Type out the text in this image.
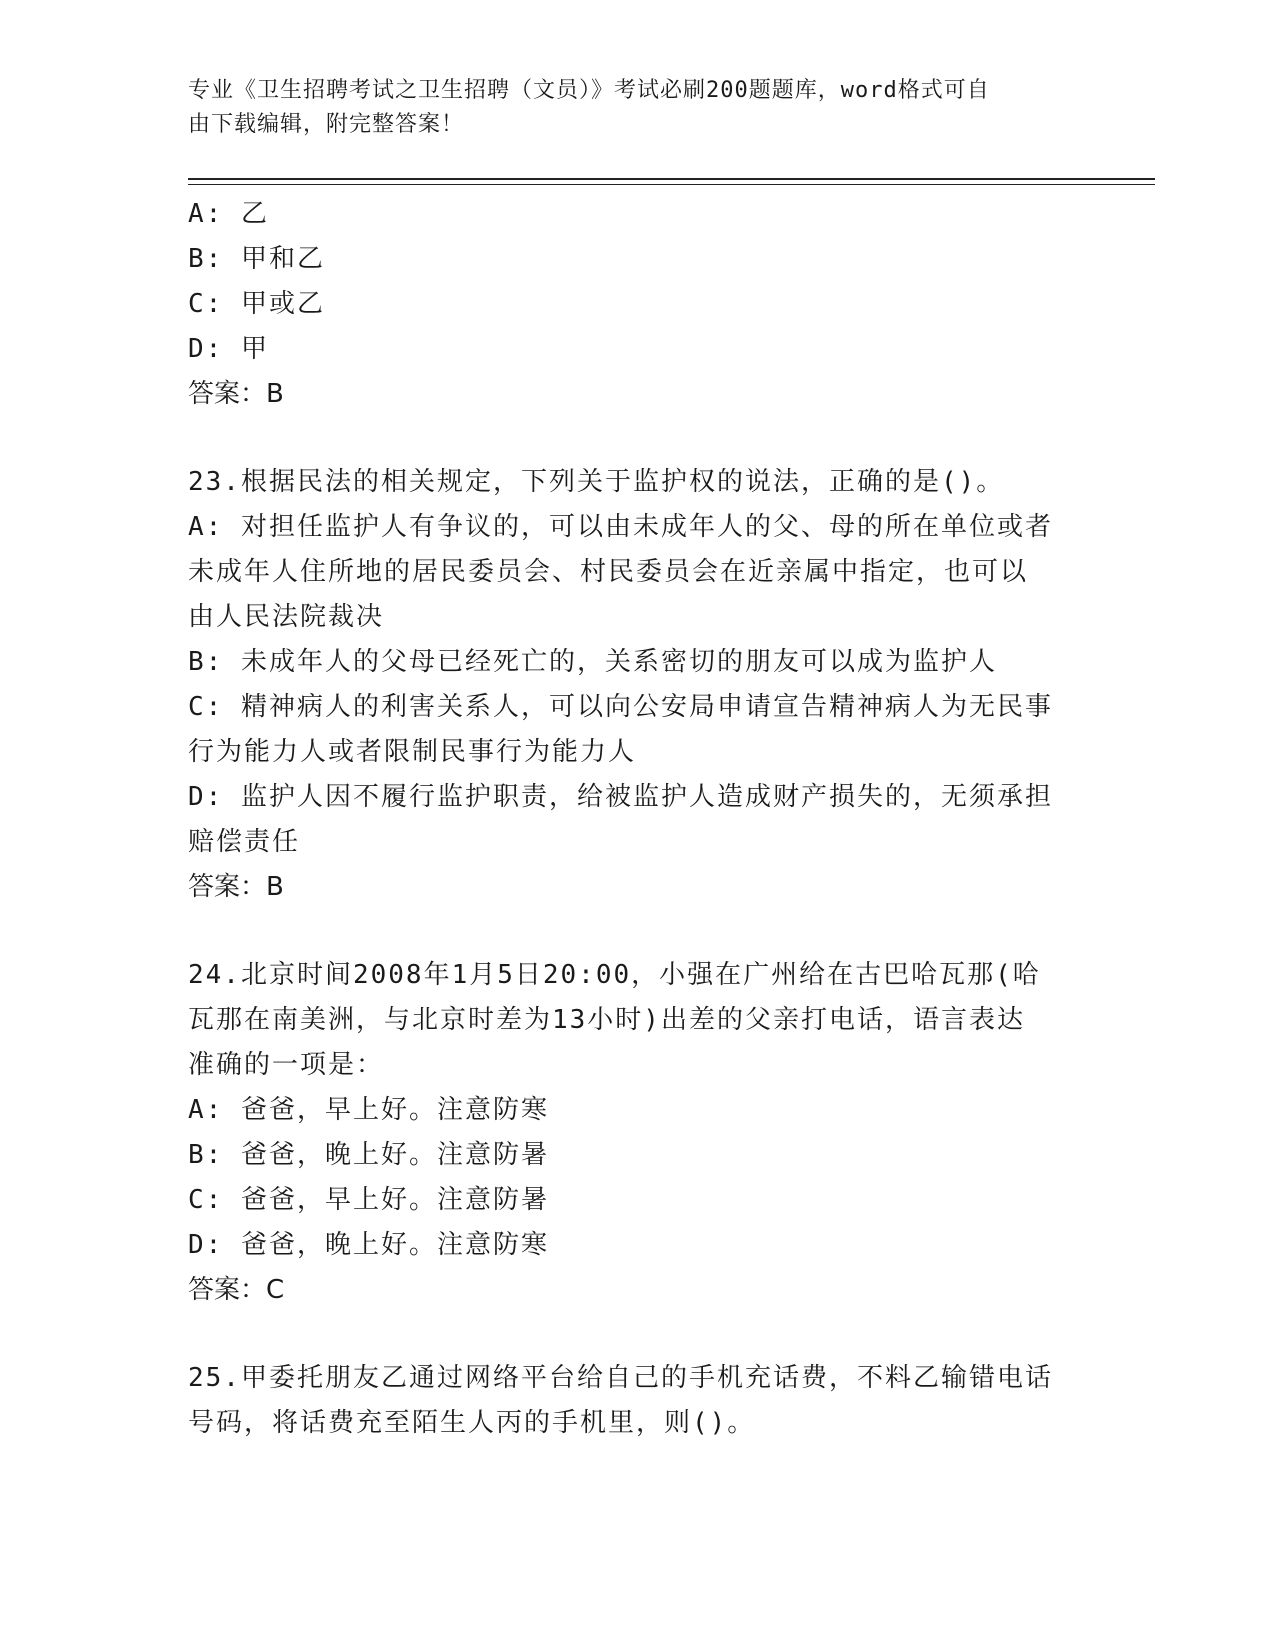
专业《卫生招聘考试之卫生招聘（文员）》考试必刷200题题库，word格式可自
由下载编辑，附完整答案！
A: 乙
B: 甲和乙
C: 甲或乙
D: 甲
答案：B
23.根据民法的相关规定，下列关于监护权的说法，正确的是()。
A: 对担任监护人有争议的，可以由未成年人的父、母的所在单位或者
未成年人住所地的居民委员会、村民委员会在近亲属中指定，也可以
由人民法院裁决
B: 未成年人的父母已经死亡的，关系密切的朋友可以成为监护人
C: 精神病人的利害关系人，可以向公安局申请宣告精神病人为无民事
行为能力人或者限制民事行为能力人
D: 监护人因不履行监护职责，给被监护人造成财产损失的，无须承担
赔偿责任
答案：B
24.北京时间2008年1月5日20:00，小强在广州给在古巴哈瓦那(哈
瓦那在南美洲，与北京时差为13小时)出差的父亲打电话，语言表达
准确的一项是：
A: 爸爸，早上好。注意防寒
B: 爸爸，晚上好。注意防暑
C: 爸爸，早上好。注意防暑
D: 爸爸，晚上好。注意防寒
答案：C
25.甲委托朋友乙通过网络平台给自己的手机充话费，不料乙输错电话
号码，将话费充至陌生人丙的手机里，则()。
